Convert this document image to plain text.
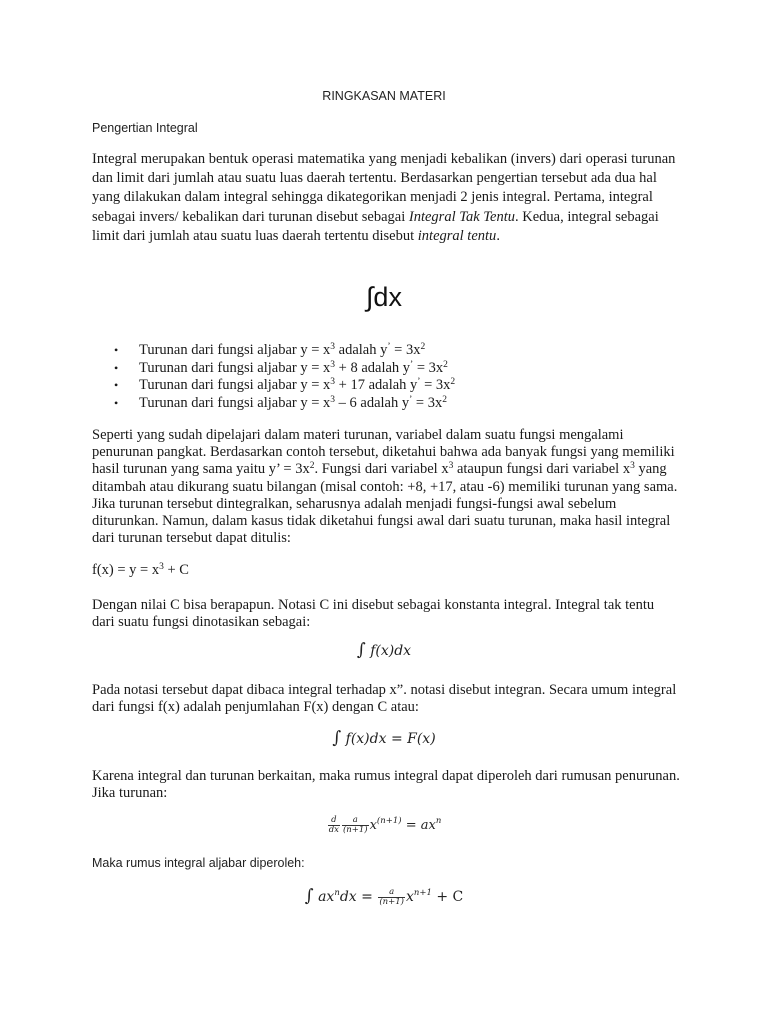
RINGKASAN MATERI
Pengertian Integral
Integral merupakan bentuk operasi matematika yang menjadi kebalikan (invers) dari operasi turunan dan limit dari jumlah atau suatu luas daerah tertentu. Berdasarkan pengertian tersebut ada dua hal yang dilakukan dalam integral sehingga dikategorikan menjadi 2 jenis integral. Pertama, integral sebagai invers/ kebalikan dari turunan disebut sebagai Integral Tak Tentu. Kedua, integral sebagai limit dari jumlah atau suatu luas daerah tertentu disebut integral tentu.
∫dx
• Turunan dari fungsi aljabar $y = x^3$ adalah $y^’ = 3x^2$
• Turunan dari fungsi aljabar $y = x^3 + 8$ adalah $y^’ = 3x^2$
• Turunan dari fungsi aljabar $y = x^3 + 17$ adalah $y^’ = 3x^2$
• Turunan dari fungsi aljabar $y = x^3 - 6$ adalah $y^’ = 3x^2$
Seperti yang sudah dipelajari dalam materi turunan, variabel dalam suatu fungsi mengalami penurunan pangkat. Berdasarkan contoh tersebut, diketahui bahwa ada banyak fungsi yang memiliki hasil turunan yang sama yaitu y’ = $3x^2$. Fungsi dari variabel $x^3$ ataupun fungsi dari variabel $x^3$ yang ditambah atau dikurang suatu bilangan (misal contoh: +8, +17, atau -6) memiliki turunan yang sama. Jika turunan tersebut dintegralkan, seharusnya adalah menjadi fungsi-fungsi awal sebelum diturunkan. Namun, dalam kasus tidak diketahui fungsi awal dari suatu turunan, maka hasil integral dari turunan tersebut dapat ditulis:
$f(x) = y = x^3 + C$
Dengan nilai C bisa berapapun. Notasi C ini disebut sebagai konstanta integral. Integral tak tentu dari suatu fungsi dinotasikan sebagai:
∫ f(x)dx
Pada notasi tersebut dapat dibaca integral terhadap x”. notasi disebut integran. Secara umum integral dari fungsi f(x) adalah penjumlahan F(x) dengan C atau:
∫ f(x)dx = F(x)
Karena integral dan turunan berkaitan, maka rumus integral dapat diperoleh dari rumusan penurunan. Jika turunan:
$\frac{d}{dx} \frac{a}{(n+1)} x^{(n+1)} = ax^n$
Maka rumus integral aljabar diperoleh:
∫ $ax^ndx = \frac{a}{(n+1)} x^{n+1} + C$
